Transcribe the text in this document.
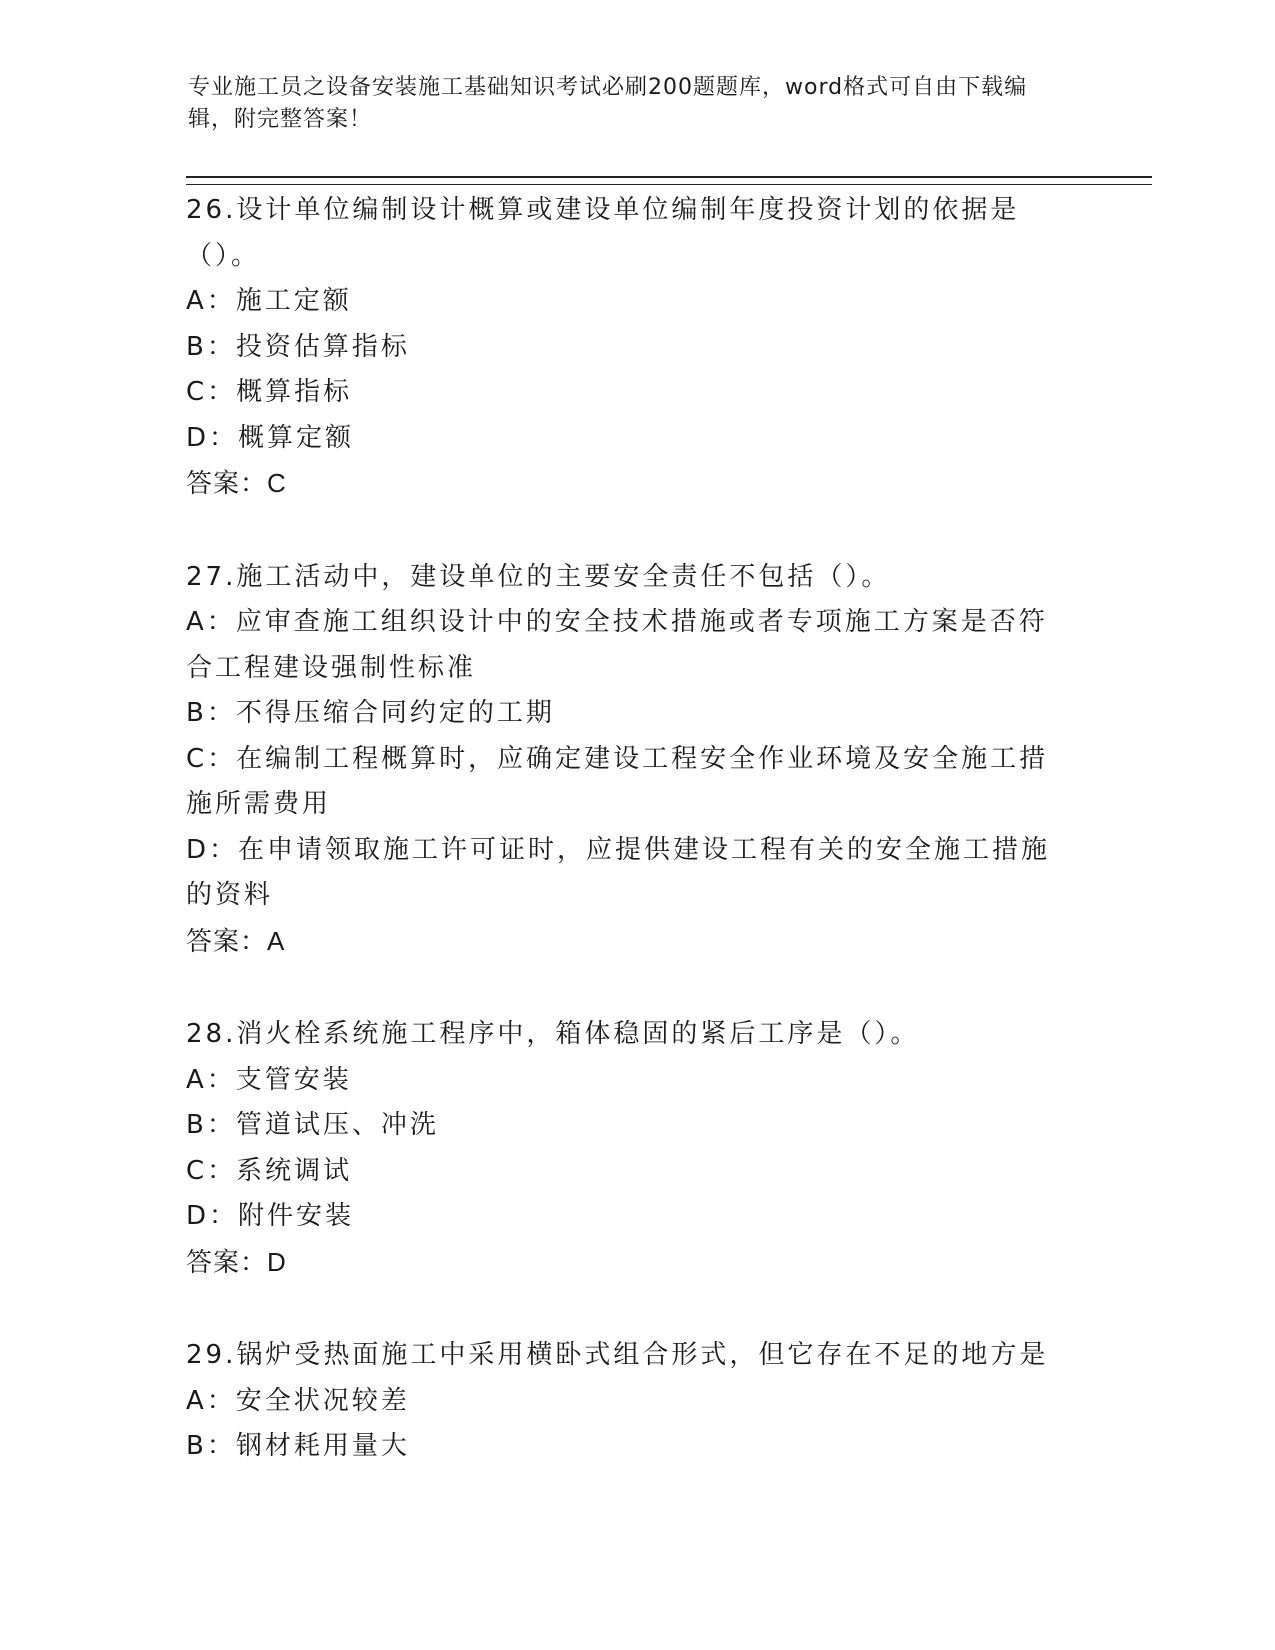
专业施工员之设备安装施工基础知识考试必刷200题题库，word格式可自由下载编辑，附完整答案！

26.设计单位编制设计概算或建设单位编制年度投资计划的依据是（）。

A：施工定额

B：投资估算指标

C：概算指标

D：概算定额

答案：C

27.施工活动中，建设单位的主要安全责任不包括（）。

A：应审查施工组织设计中的安全技术措施或者专项施工方案是否符合工程建设强制性标准

B：不得压缩合同约定的工期

C：在编制工程概算时，应确定建设工程安全作业环境及安全施工措施所需费用

D：在申请领取施工许可证时，应提供建设工程有关的安全施工措施的资料

答案：A

28.消火栓系统施工程序中，箱体稳固的紧后工序是（）。

A：支管安装

B：管道试压、冲洗

C：系统调试

D：附件安装

答案：D

29.锅炉受热面施工中采用横卧式组合形式，但它存在不足的地方是

A：安全状况较差

B：钢材耗用量大
